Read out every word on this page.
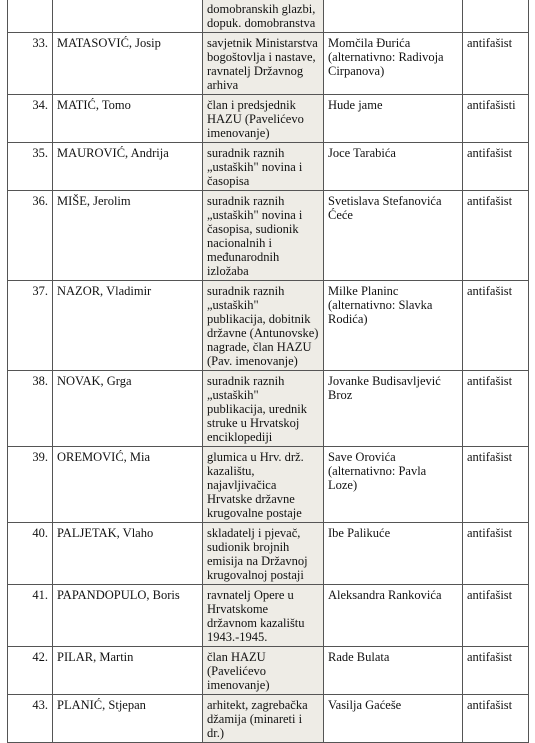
		domobranskih glazbi, dopuk. domobranstva		
33.	MATASOVIĆ, Josip	savjetnik Ministarstva bogoštovlja i nastave, ravnatelj Državnog arhiva	Momčila Đurića (alternativno: Radivoja Cirpanova)	antifašist
34.	MATIĆ, Tomo	član i predsjednik HAZU (Pavelićevo imenovanje)	Hude jame	antifašisti
35.	MAUROVIĆ, Andrija	suradnik raznih „ustaških" novina i časopisa	Joce Tarabića	antifašist
36.	MIŠE, Jerolim	suradnik raznih „ustaških" novina i časopisa, sudionik nacionalnih i međunarodnih izložaba	Svetislava Stefanovića Ćeće	antifašist
37.	NAZOR, Vladimir	suradnik raznih „ustaških" publikacija, dobitnik državne (Antunovske) nagrade, član HAZU (Pav. imenovanje)	Milke Planinc (alternativno: Slavka Rodića)	antifašist
38.	NOVAK, Grga	suradnik raznih „ustaških" publikacija, urednik struke u Hrvatskoj enciklopediji	Jovanke Budisavljević Broz	antifašist
39.	OREMOVIĆ, Mia	glumica u Hrv. drž. kazalištu, najavljivačica Hrvatske državne krugovalne postaje	Save Orovića (alternativno: Pavla Loze)	antifašist
40.	PALJETAK, Vlaho	skladatelj i pjevač, sudionik brojnih emisija na Državnoj krugovalnoj postaji	Ibe Palikuće	antifašist
41.	PAPANDOPULO, Boris	ravnatelj Opere u Hrvatskome državnom kazalištu 1943.-1945.	Aleksandra Rankovića	antifašist
42.	PILAR, Martin	član HAZU (Pavelićevo imenovanje)	Rade Bulata	antifašist
43.	PLANIĆ, Stjepan	arhitekt, zagrebačka džamija (minareti i dr.)	Vasilja Gaćeše	antifašist
